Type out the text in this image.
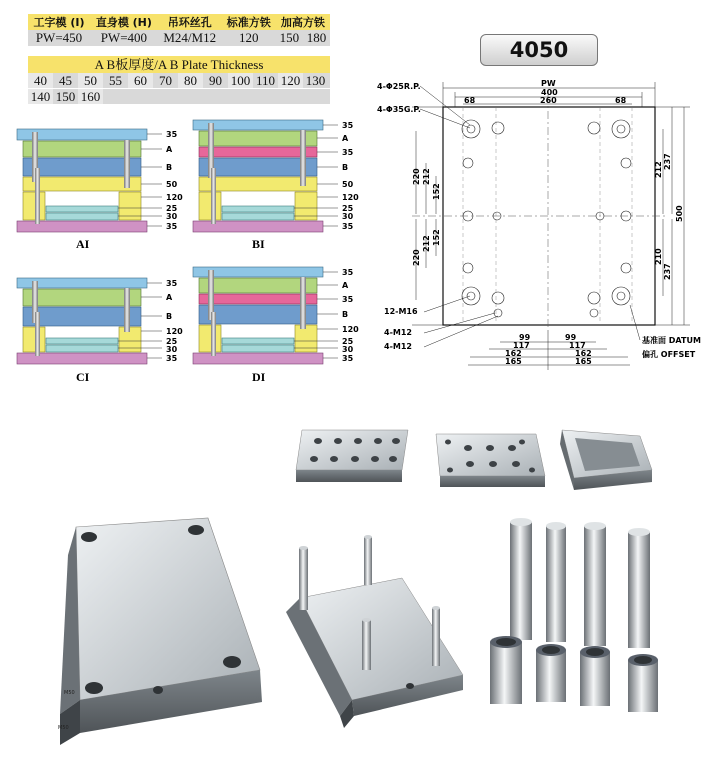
工字模 (I)	直身模 (H)	吊环丝孔	标准方铁	加高方铁	
PW=450	PW=400	M24/M12	120	150	180
A B板厚度/A B Plate Thickness
40 45 50 55 60 70 80 90 100 110 120 130
140 150 160
4050
35
A
B
50
120
25
30
35
AI
35
A
35
B
50
120
25
30
35
BI
35
A
B
120
25
30
35
CI
35
A
35
B
120
25
30
35
DI
PW
400
68	260	68
4-Φ25R.P.
4-Φ35G.P.
220 212
152
220
212 152
212 237
500
210
237
12-M16
4-M12
4-M12
99	99
117	117
162	162
165	165
基准面 DATUM
偏孔 OFFSET
M50
M50
